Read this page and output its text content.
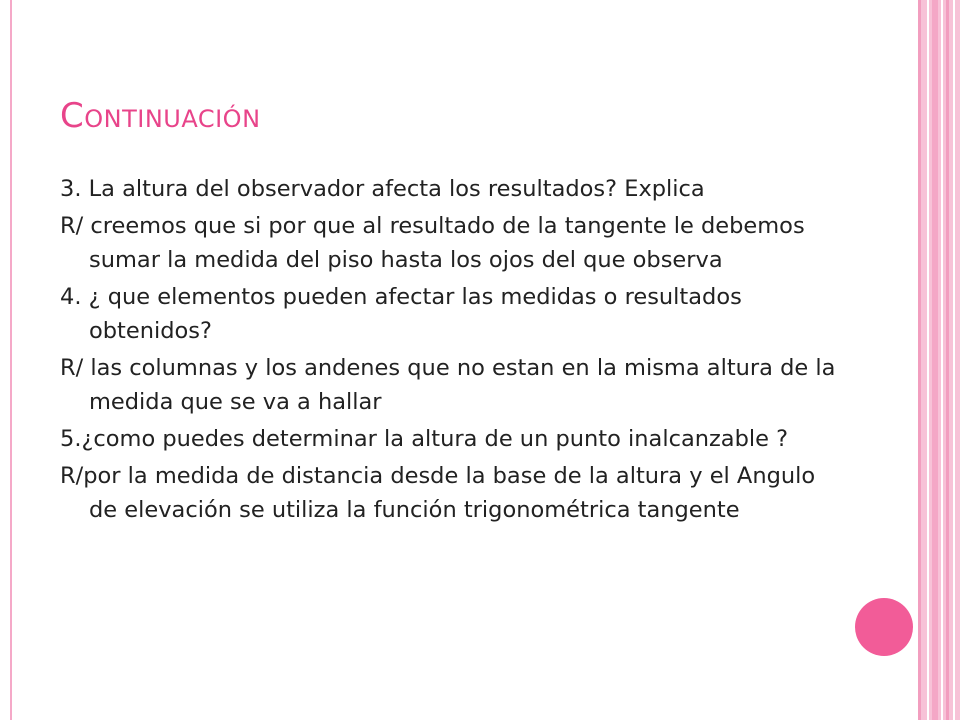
CONTINUACIÓN

3. La altura del observador afecta los resultados? Explica

R/ creemos que si por que al resultado de la tangente le debemos sumar la medida del piso hasta los ojos del que observa

4. ¿ que elementos pueden afectar las medidas o resultados obtenidos?

R/ las columnas y los andenes que no estan en la misma altura de la medida que se va a hallar

5.¿como puedes determinar la altura de un punto inalcanzable ?

R/por la medida de distancia desde la base de la altura y el Angulo de elevación se utiliza la función trigonométrica tangente
